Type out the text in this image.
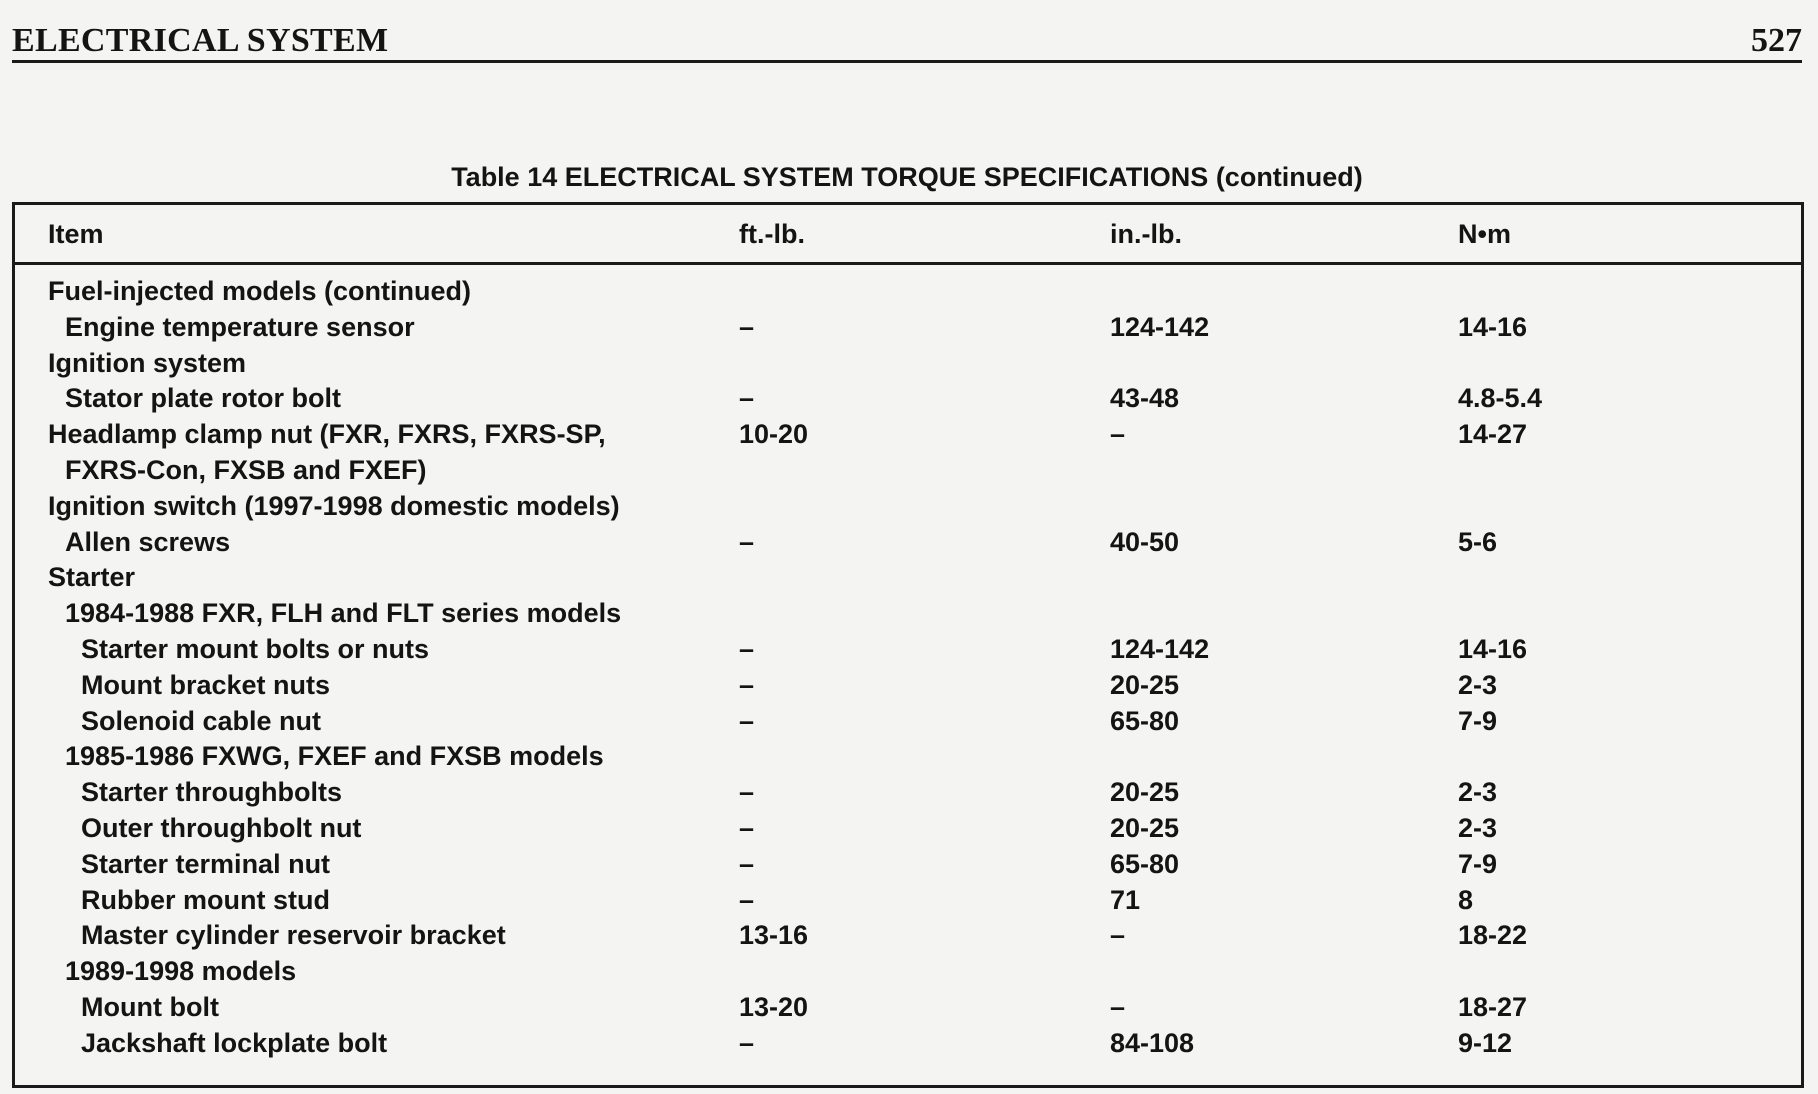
ELECTRICAL SYSTEM	527
Table 14 ELECTRICAL SYSTEM TORQUE SPECIFICATIONS (continued)
Item	ft.-lb.	in.-lb.	N•m
Fuel-injected models (continued)
Engine temperature sensor	–	124-142	14-16
Ignition system
Stator plate rotor bolt	–	43-48	4.8-5.4
Headlamp clamp nut (FXR, FXRS, FXRS-SP,	10-20	–	14-27
FXRS-Con, FXSB and FXEF)
Ignition switch (1997-1998 domestic models)
Allen screws	–	40-50	5-6
Starter
1984-1988 FXR, FLH and FLT series models
Starter mount bolts or nuts	–	124-142	14-16
Mount bracket nuts	–	20-25	2-3
Solenoid cable nut	–	65-80	7-9
1985-1986 FXWG, FXEF and FXSB models
Starter throughbolts	–	20-25	2-3
Outer throughbolt nut	–	20-25	2-3
Starter terminal nut	–	65-80	7-9
Rubber mount stud	–	71	8
Master cylinder reservoir bracket	13-16	–	18-22
1989-1998 models
Mount bolt	13-20	–	18-27
Jackshaft lockplate bolt	–	84-108	9-12
